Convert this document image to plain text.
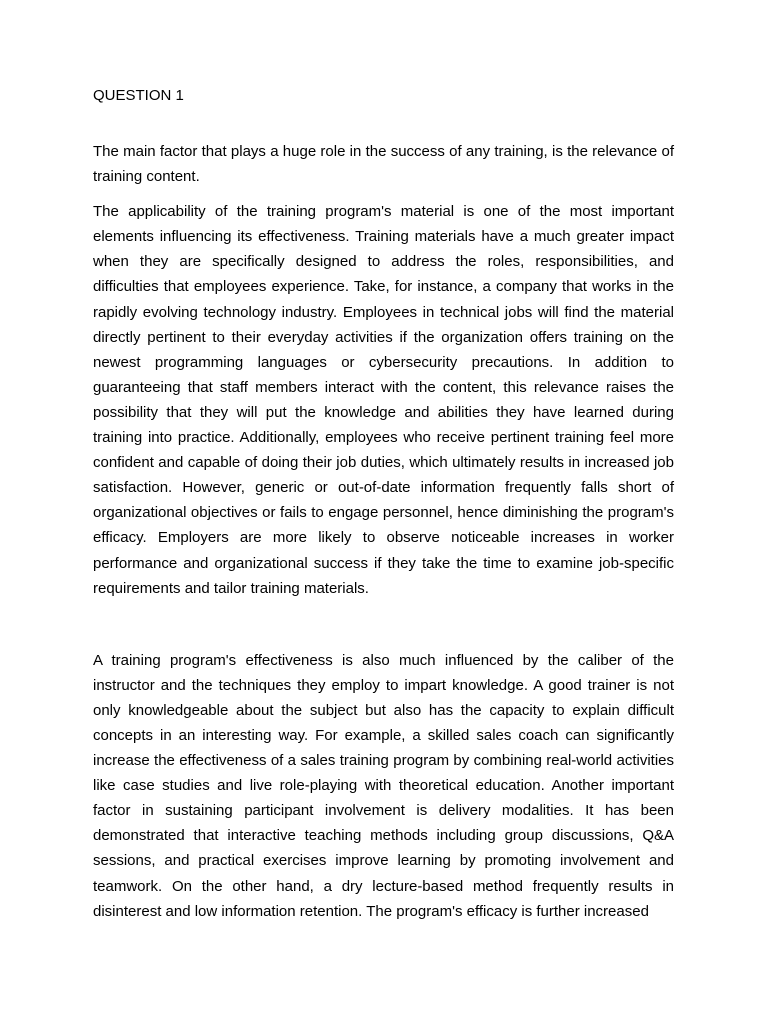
QUESTION 1

The main factor that plays a huge role in the success of any training, is the relevance of training content.

The applicability of the training program's material is one of the most important elements influencing its effectiveness. Training materials have a much greater impact when they are specifically designed to address the roles, responsibilities, and difficulties that employees experience. Take, for instance, a company that works in the rapidly evolving technology industry. Employees in technical jobs will find the material directly pertinent to their everyday activities if the organization offers training on the newest programming languages or cybersecurity precautions. In addition to guaranteeing that staff members interact with the content, this relevance raises the possibility that they will put the knowledge and abilities they have learned during training into practice. Additionally, employees who receive pertinent training feel more confident and capable of doing their job duties, which ultimately results in increased job satisfaction. However, generic or out-of-date information frequently falls short of organizational objectives or fails to engage personnel, hence diminishing the program's efficacy. Employers are more likely to observe noticeable increases in worker performance and organizational success if they take the time to examine job-specific requirements and tailor training materials.

A training program's effectiveness is also much influenced by the caliber of the instructor and the techniques they employ to impart knowledge. A good trainer is not only knowledgeable about the subject but also has the capacity to explain difficult concepts in an interesting way. For example, a skilled sales coach can significantly increase the effectiveness of a sales training program by combining real-world activities like case studies and live role-playing with theoretical education. Another important factor in sustaining participant involvement is delivery modalities. It has been demonstrated that interactive teaching methods including group discussions, Q&A sessions, and practical exercises improve learning by promoting involvement and teamwork. On the other hand, a dry lecture-based method frequently results in disinterest and low information retention. The program's efficacy is further increased
